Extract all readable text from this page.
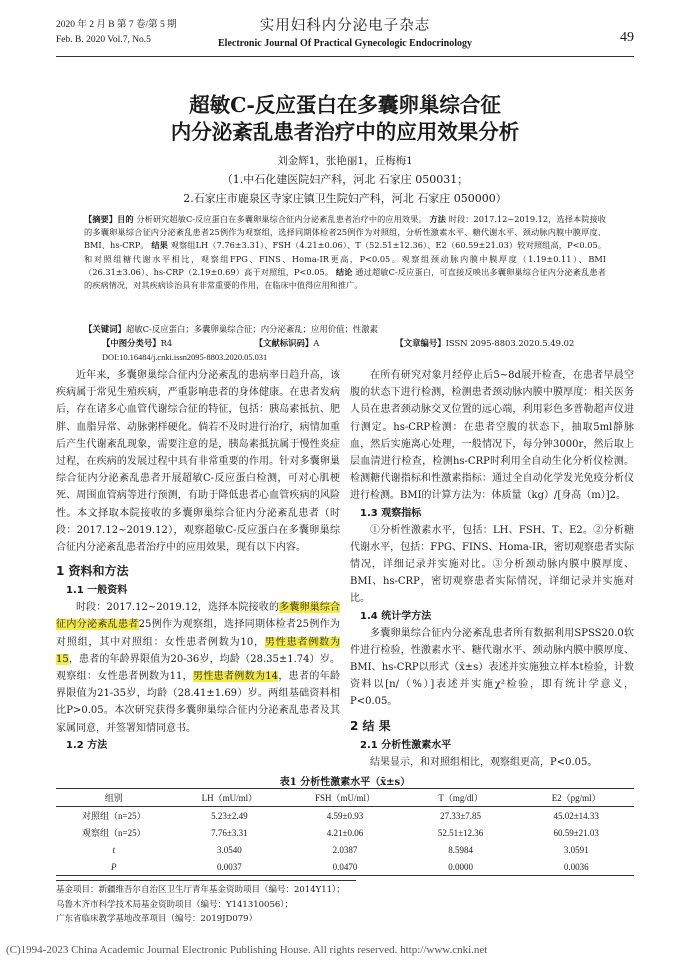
2020 年 2 月 B 第 7 卷/第 5 期
Feb. B. 2020 Vol.7, No.5
实用妇科内分泌电子杂志
Electronic Journal Of Practical Gynecologic Endocrinology	49
超敏C-反应蛋白在多囊卵巢综合征
内分泌紊乱患者治疗中的应用效果分析
刘金辉1，张艳丽1，丘梅梅1
（1.中石化建医院妇产科，河北 石家庄 050031；
2.石家庄市鹿泉区寺家庄镇卫生院妇产科，河北 石家庄 050000）
【摘要】目的 分析研究超敏C-反应蛋白在多囊卵巢综合征内分泌紊乱患者治疗中的应用效果。 方法 时段：2017.12~2019.12，选择本院接收的多囊卵巢综合征内分泌紊乱患者25例作为观察组，选择同期体检者25例作为对照组，分析性激素水平、糖代谢水平、颈动脉内膜中膜厚度、BMI、hs-CRP。 结果 观察组LH（7.76±3.31）、FSH（4.21±0.06）、T（52.51±12.36）、E2（60.59±21.03）较对照组高，P<0.05。和对照组糖代谢水平相比，观察组FPG、FINS、Homa-IR更高，P<0.05。观察组颈动脉内膜中膜厚度（1.19±0.11）、BMI（26.31±3.06）、hs-CRP（2.19±0.69）高于对照组，P<0.05。 结论 通过超敏C-反应蛋白，可直接反映出多囊卵巢综合征内分泌紊乱患者的疾病情况，对其疾病诊治具有非常重要的作用，在临床中值得应用和推广。
【关键词】超敏C-反应蛋白；多囊卵巢综合征；内分泌紊乱；应用价值；性激素
【中图分类号】R4	【文献标识码】A	【文章编号】ISSN 2095-8803.2020.5.49.02
DOI:10.16484/j.cnki.issn2095-8803.2020.05.031

近年来，多囊卵巢综合征内分泌紊乱的患病率日趋升高，该疾病属于常见生殖疾病，严重影响患者的身体健康。在患者发病后，存在诸多心血管代谢综合征的特征，包括：胰岛素抵抗、肥胖、血脂异常、动脉粥样硬化。倘若不及时进行治疗，病情加重后产生代谢紊乱现象，需要注意的是，胰岛素抵抗属于慢性炎症过程，在疾病的发展过程中具有非常重要的作用。针对多囊卵巢综合征内分泌紊乱患者开展超敏C-反应蛋白检测，可对心肌梗死、周围血管病等进行预测，有助于降低患者心血管疾病的风险性。本文择取本院接收的多囊卵巢综合征内分泌紊乱患者（时段：2017.12~2019.12），观察超敏C-反应蛋白在多囊卵巢综合征内分泌紊乱患者治疗中的应用效果，现有以下内容。

1 资料和方法
1.1 一般资料

时段：2017.12~2019.12，选择本院接收的多囊卵巢综合征内分泌紊乱患者25例作为观察组，选择同期体检者25例作为对照组，其中对照组：女性患者例数为10，男性患者例数为15，患者的年龄界限值为20-36岁，均龄（28.35±1.74）岁。观察组：女性患者例数为11，男性患者例数为14，患者的年龄界限值为21-35岁，均龄（28.41±1.69）岁。两组基础资料相比P>0.05。本次研究获得多囊卵巢综合征内分泌紊乱患者及其家属同意，并签署知情同意书。

1.2 方法

在所有研究对象月经停止后5~8d展开检查，在患者早晨空腹的状态下进行检测，检测患者颈动脉内膜中膜厚度：相关医务人员在患者颈动脉交叉位置的远心端，利用彩色多普勒超声仪进行测定。hs-CRP检测：在患者空腹的状态下，抽取5ml静脉血，然后实施离心处理，一般情况下，每分钟3000r，然后取上层血清进行检查，检测hs-CRP时利用全自动生化分析仪检测。检测糖代谢指标和性激素指标：通过全自动化学发光免疫分析仪进行检测。BMI的计算方法为：体质量（kg）/[身高（m）]2。

1.3 观察指标

①分析性激素水平，包括：LH、FSH、T、E2。②分析糖代谢水平，包括：FPG、FINS、Homa-IR，密切观察患者实际情况，详细记录并实施对比。③分析颈动脉内膜中膜厚度、BMI、hs-CRP，密切观察患者实际情况，详细记录并实施对比。

1.4 统计学方法

多囊卵巢综合征内分泌紊乱患者所有数据利用SPSS20.0软件进行检验，性激素水平、糖代谢水平、颈动脉内膜中膜厚度、BMI、hs-CRP以形式（x̄±s）表述并实施独立样本t检验，计数资料以[n/（%）]表述并实施χ²检验，即有统计学意义，P<0.05。

2 结 果
2.1 分析性激素水平

结果显示，和对照组相比，观察组更高，P<0.05。

表1 分析性激素水平（x̄±s）
组别	LH（mU/ml）	FSH（mU/ml）	T（mg/dl）	E2（pg/ml）
对照组（n=25）	5.23±2.49	4.59±0.93	27.33±7.85	45.02±14.33
观察组（n=25）	7.76±3.31	4.21±0.06	52.51±12.36	60.59±21.03
t	3.0540	2.0387	8.5984	3.0591
P	0.0037	0.0470	0.0000	0.0036
基金项目：新疆维吾尔自治区卫生厅青年基金资助项目（编号：2014Y11）；
乌鲁木齐市科学技术局基金资助项目（编号：Y141310056）；
广东省临床教学基地改革项目（编号：2019JD079）
(C)1994-2023 China Academic Journal Electronic Publishing House. All rights reserved. http://www.cnki.net
